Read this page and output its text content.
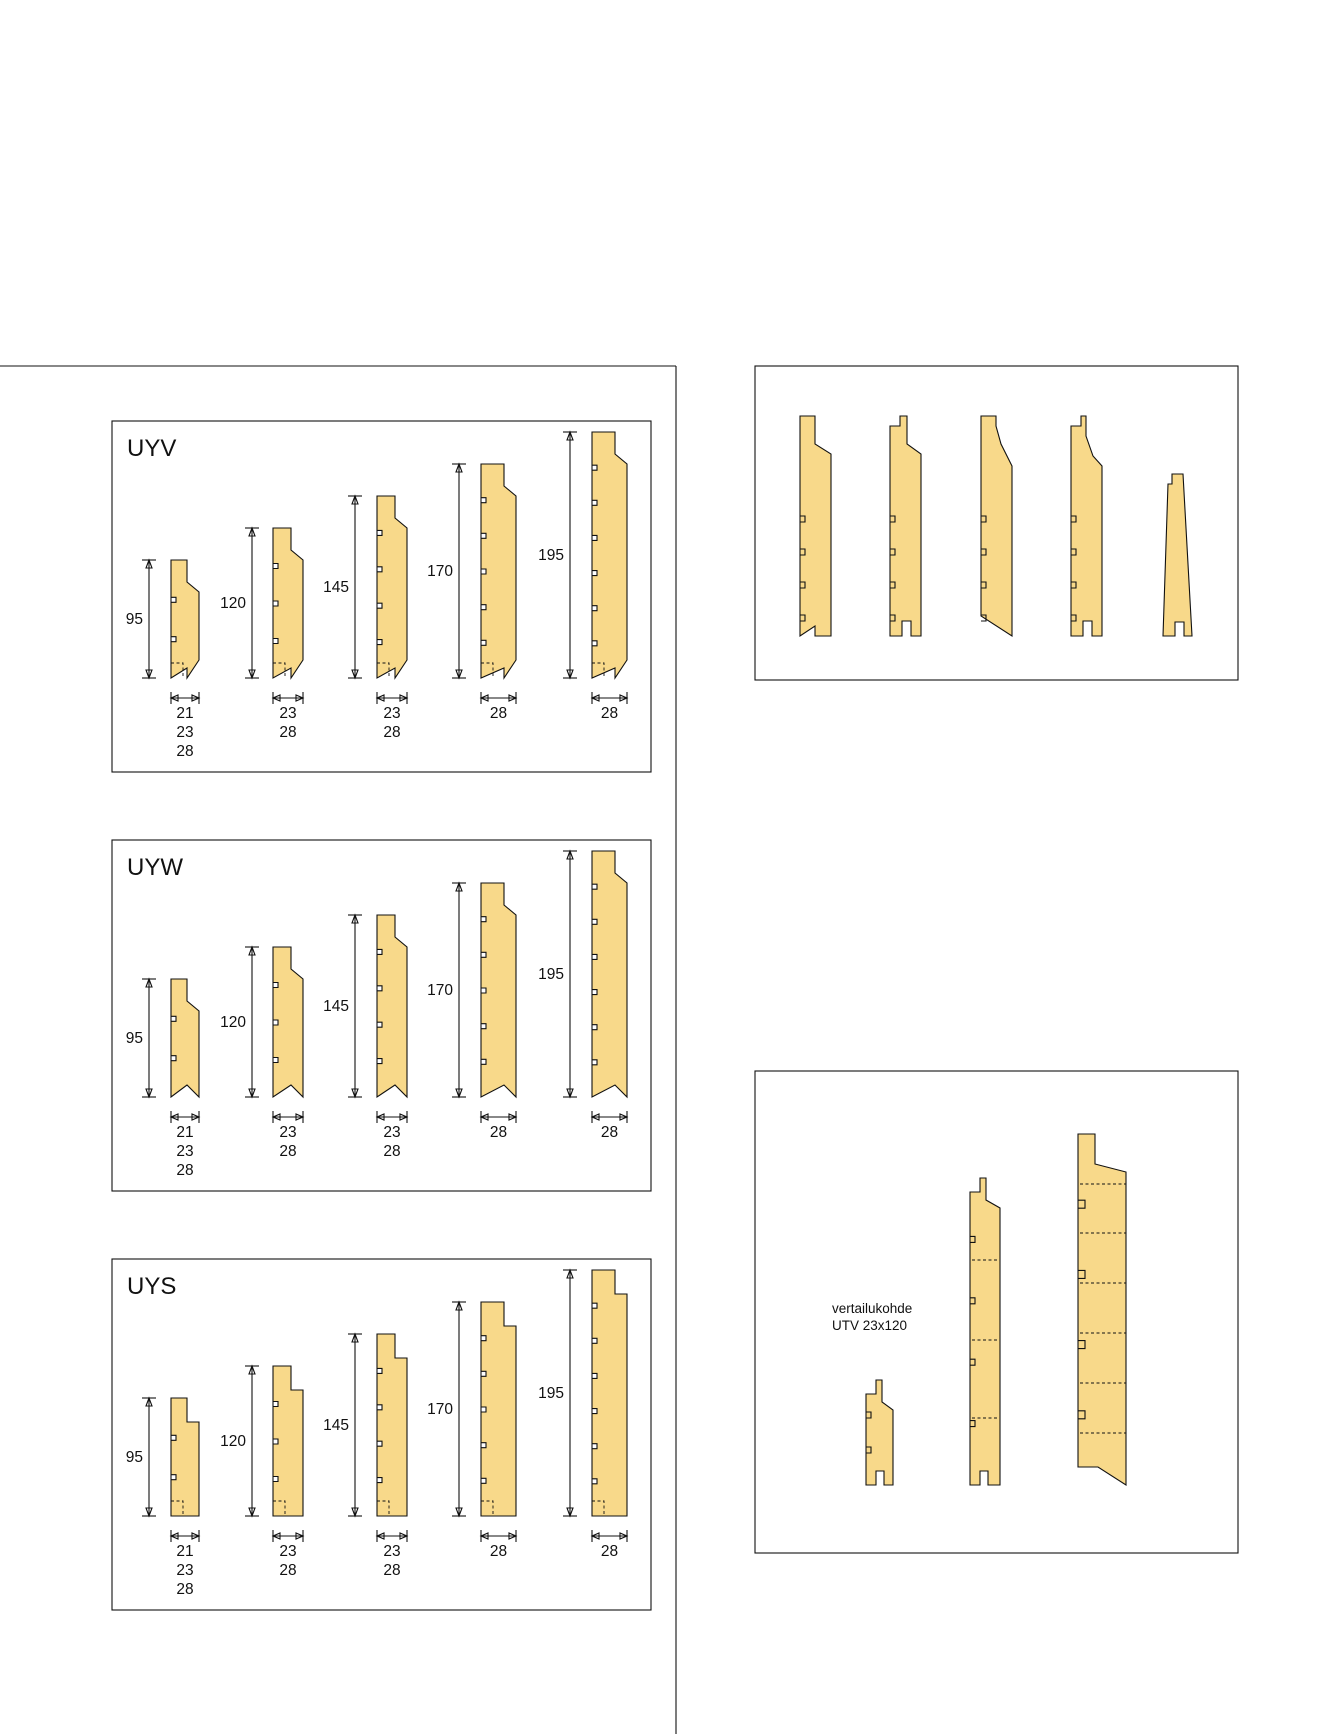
UYV
95
21
23
28
120
23
28
145
23
28
170
28
195
28
UYW
95
21
23
28
120
23
28
145
23
28
170
28
195
28
UYS
95
21
23
28
120
23
28
145
23
28
170
28
195
28
vertailukohde
UTV 23x120
